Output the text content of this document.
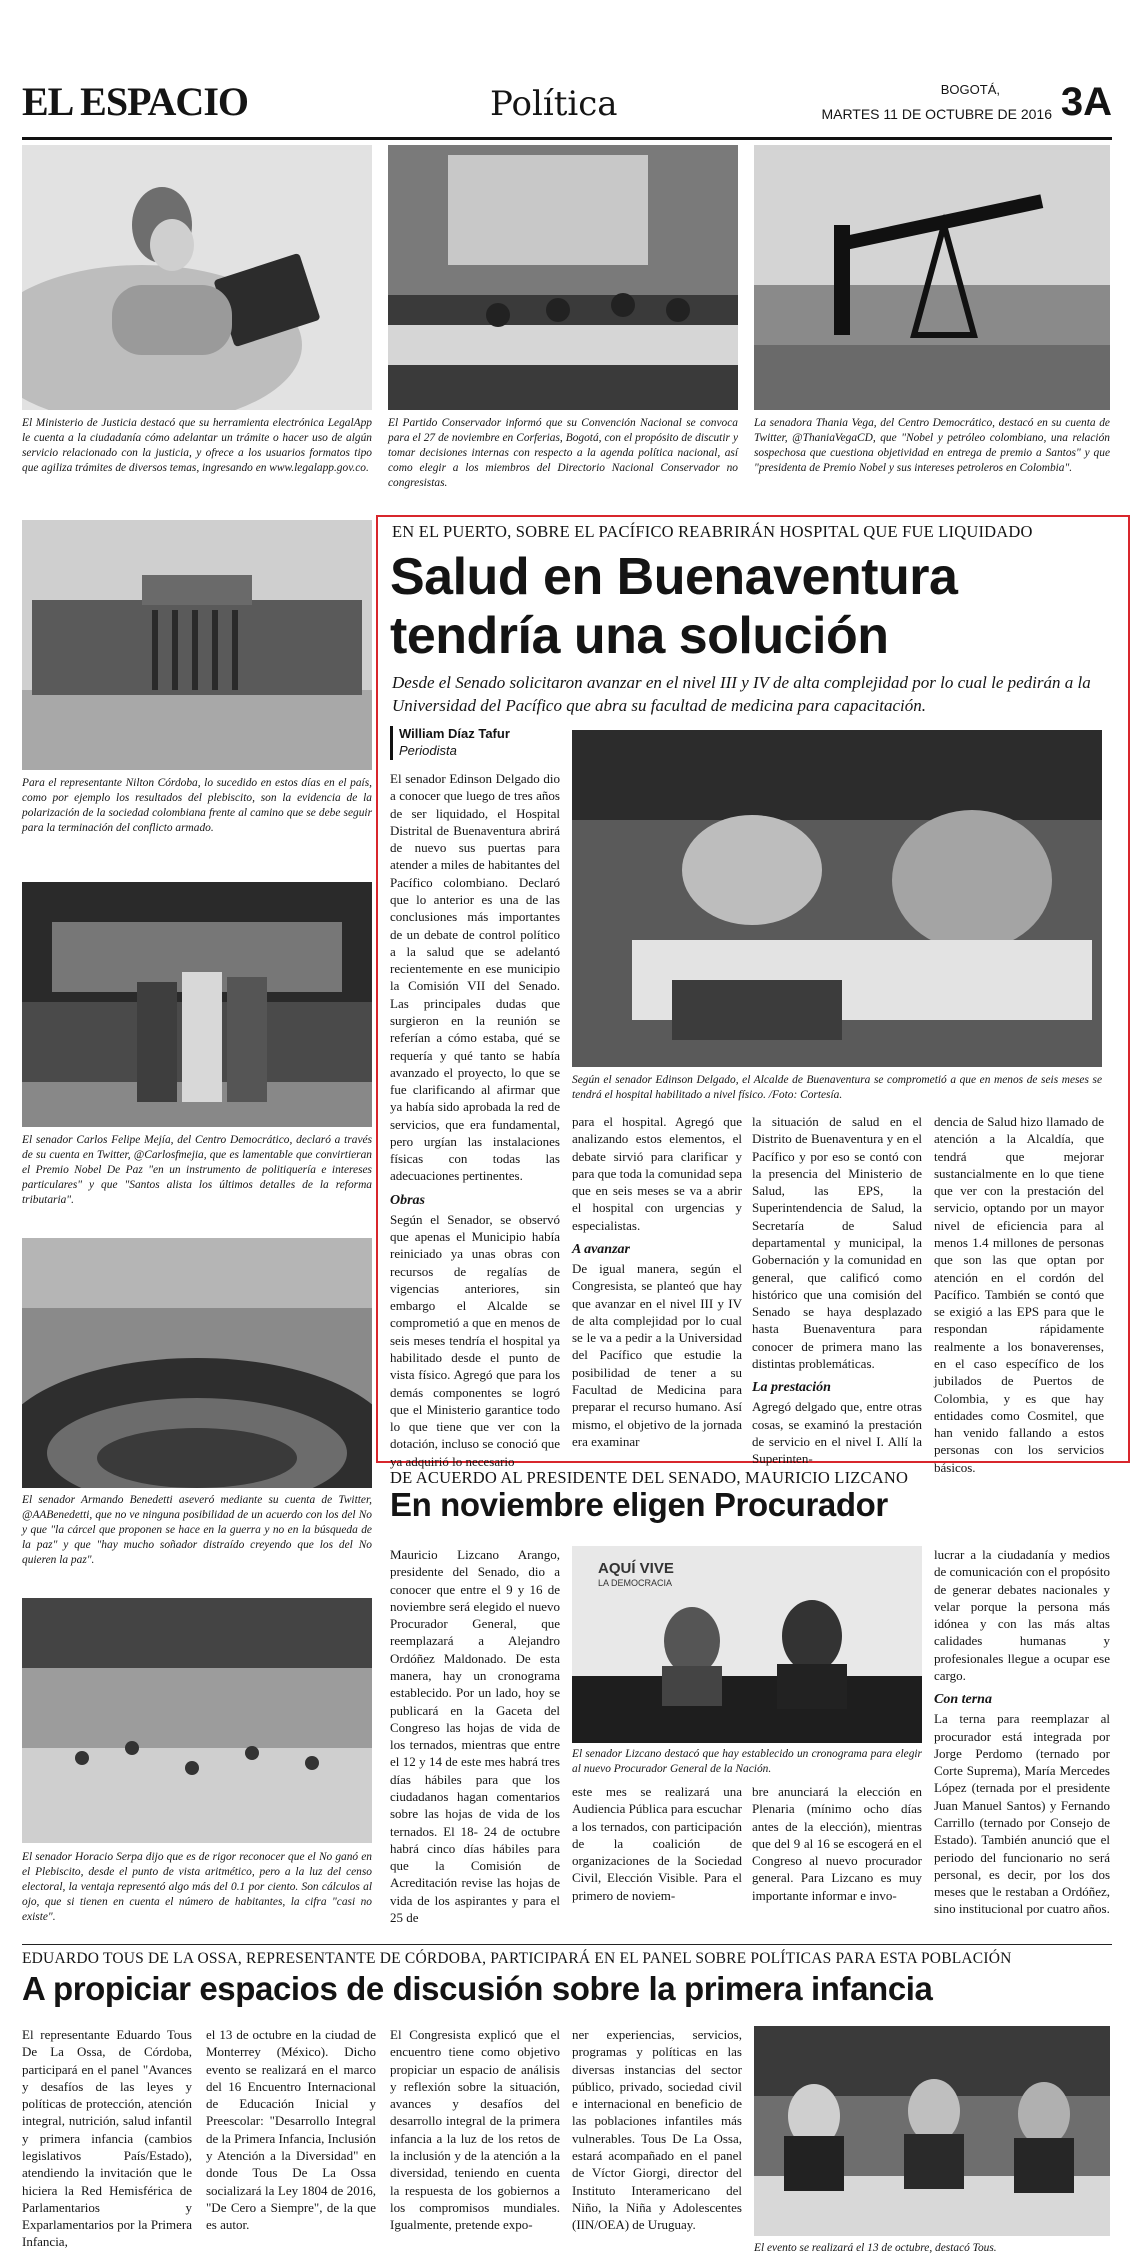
EL ESPACIO	Política	BOGOTÁ,
MARTES 11 DE OCTUBRE DE 2016 3A
El Ministerio de Justicia destacó que su herramienta electrónica LegalApp le cuenta a la ciudadanía cómo adelantar un trámite o hacer uso de algún servicio relacionado con la justicia, y ofrece a los usuarios formatos tipo que agiliza trámites de diversos temas, ingresando en www.legalapp.gov.co.
El Partido Conservador informó que su Convención Nacional se convoca para el 27 de noviembre en Corferias, Bogotá, con el propósito de discutir y tomar decisiones internas con respecto a la agenda política nacional, así como elegir a los miembros del Directorio Nacional Conservador no congresistas.
La senadora Thania Vega, del Centro Democrático, destacó en su cuenta de Twitter, @ThaniaVegaCD, que "Nobel y petróleo colombiano, una relación sospechosa que cuestiona objetividad en entrega de premio a Santos" y que "presidenta de Premio Nobel y sus intereses petroleros en Colombia".
Para el representante Nilton Córdoba, lo sucedido en estos días en el país, como por ejemplo los resultados del plebiscito, son la evidencia de la polarización de la sociedad colombiana frente al camino que se debe seguir para la terminación del conflicto armado.
El senador Carlos Felipe Mejía, del Centro Democrático, declaró a través de su cuenta en Twitter, @Carlosfmejia, que es lamentable que convirtieran el Premio Nobel De Paz "en un instrumento de politiquería e intereses particulares" y que "Santos alista los últimos detalles de la reforma tributaria".
El senador Armando Benedetti aseveró mediante su cuenta de Twitter, @AABenedetti, que no ve ninguna posibilidad de un acuerdo con los del No y que "la cárcel que proponen se hace en la guerra y no en la búsqueda de la paz" y que "hay mucho soñador distraído creyendo que los del No quieren la paz".
El senador Horacio Serpa dijo que es de rigor reconocer que el No ganó en el Plebiscito, desde el punto de vista aritmético, pero a la luz del censo electoral, la ventaja representó algo más del 0.1 por ciento. Son cálculos al ojo, que si tienen en cuenta el número de habitantes, la cifra "casi no existe".
EN EL PUERTO, SOBRE EL PACÍFICO REABRIRÁN HOSPITAL QUE FUE LIQUIDADO
Salud en Buenaventura
tendría una solución
Desde el Senado solicitaron avanzar en el nivel III y IV de alta complejidad por lo cual le pedirán a la Universidad del Pacífico que abra su facultad de medicina para capacitación.
William Díaz Tafur
Periodista
Según el senador Edinson Delgado, el Alcalde de Buenaventura se comprometió a que en menos de seis meses se tendrá el hospital habilitado a nivel físico. /Foto: Cortesía.

El senador Edinson Delgado dio a conocer que luego de tres años de ser liquidado, el Hospital Distrital de Buenaventura abrirá de nuevo sus puertas para atender a miles de habitantes del Pacífico colombiano. Declaró que lo anterior es una de las conclusiones más importantes de un debate de control político a la salud que se adelantó recientemente en ese municipio la Comisión VII del Senado. Las principales dudas que surgieron en la reunión se referían a cómo estaba, qué se requería y qué tanto se había avanzado el proyecto, lo que se fue clarificando al afirmar que ya había sido aprobada la red de servicios, que era fundamental, pero urgían las instalaciones físicas con todas las adecuaciones pertinentes.

Obras

Según el Senador, se observó que apenas el Municipio había reiniciado ya unas obras con recursos de regalías de vigencias anteriores, sin embargo el Alcalde se comprometió a que en menos de seis meses tendría el hospital ya habilitado desde el punto de vista físico. Agregó que para los demás componentes se logró que el Ministerio garantice todo lo que tiene que ver con la dotación, incluso se conoció que ya adquirió lo necesario

para el hospital. Agregó que analizando estos elementos, el debate sirvió para clarificar y para que toda la comunidad sepa que en seis meses se va a abrir el hospital con urgencias y especialistas.

A avanzar

De igual manera, según el Congresista, se planteó que hay que avanzar en el nivel III y IV de alta complejidad por lo cual se le va a pedir a la Universidad del Pacífico que estudie la posibilidad de tener a su Facultad de Medicina para preparar el recurso humano. Así mismo, el objetivo de la jornada era examinar

la situación de salud en el Distrito de Buenaventura y en el Pacífico y por eso se contó con la presencia del Ministerio de Salud, las EPS, la Superintendencia de Salud, la Secretaría de Salud departamental y municipal, la Gobernación y la comunidad en general, que calificó como histórico que una comisión del Senado se haya desplazado hasta Buenaventura para conocer de primera mano las distintas problemáticas.

La prestación

Agregó delgado que, entre otras cosas, se examinó la prestación de servicio en el nivel I. Allí la Superinten-

dencia de Salud hizo llamado de atención a la Alcaldía, que tendrá que mejorar sustancialmente en lo que tiene que ver con la prestación del servicio, optando por un mayor nivel de eficiencia para al menos 1.4 millones de personas que son las que optan por atención en el cordón del Pacífico. También se contó que se exigió a las EPS para que le respondan rápidamente realmente a los bonaverenses, en el caso específico de los jubilados de Puertos de Colombia, y es que hay entidades como Cosmitel, que han venido fallando a estos personas con los servicios básicos.

DE ACUERDO AL PRESIDENTE DEL SENADO, MAURICIO LIZCANO
En noviembre eligen Procurador

Mauricio Lizcano Arango, presidente del Senado, dio a conocer que entre el 9 y 16 de noviembre será elegido el nuevo Procurador General, que reemplazará a Alejandro Ordóñez Maldonado. De esta manera, hay un cronograma establecido. Por un lado, hoy se publicará en la Gaceta del Congreso las hojas de vida de los ternados, mientras que entre el 12 y 14 de este mes habrá tres días hábiles para que los ciudadanos hagan comentarios sobre las hojas de vida de los ternados. El 18- 24 de octubre habrá cinco días hábiles para que la Comisión de Acreditación revise las hojas de vida de los aspirantes y para el 25 de

AQUÍ VIVE
LA DEMOCRACIA
El senador Lizcano destacó que hay establecido un cronograma para elegir al nuevo Procurador General de la Nación.

este mes se realizará una Audiencia Pública para escuchar a los ternados, con participación de la coalición de organizaciones de la Sociedad Civil, Elección Visible. Para el primero de noviem-

bre anunciará la elección en Plenaria (mínimo ocho días antes de la elección), mientras que del 9 al 16 se escogerá en el Congreso al nuevo procurador general. Para Lizcano es muy importante informar e invo-

lucrar a la ciudadanía y medios de comunicación con el propósito de generar debates nacionales y velar porque la persona más idónea y con las más altas calidades humanas y profesionales llegue a ocupar ese cargo.

Con terna

La terna para reemplazar al procurador está integrada por Jorge Perdomo (ternado por Corte Suprema), María Mercedes López (ternada por el presidente Juan Manuel Santos) y Fernando Carrillo (ternado por Consejo de Estado). También anunció que el periodo del funcionario no será personal, es decir, por los dos meses que le restaban a Ordóñez, sino institucional por cuatro años.

EDUARDO TOUS DE LA OSSA, REPRESENTANTE DE CÓRDOBA, PARTICIPARÁ EN EL PANEL SOBRE POLÍTICAS PARA ESTA POBLACIÓN
A propiciar espacios de discusión sobre la primera infancia

El representante Eduardo Tous De La Ossa, de Córdoba, participará en el panel "Avances y desafíos de las leyes y políticas de protección, atención integral, nutrición, salud infantil y primera infancia (cambios legislativos País/Estado), atendiendo la invitación que le hiciera la Red Hemisférica de Parlamentarios y Exparlamentarios por la Primera Infancia,

el 13 de octubre en la ciudad de Monterrey (México). Dicho evento se realizará en el marco del 16 Encuentro Internacional de Educación Inicial y Preescolar: "Desarrollo Integral de la Primera Infancia, Inclusión y Atención a la Diversidad" en donde Tous De La Ossa socializará la Ley 1804 de 2016, "De Cero a Siempre", de la que es autor.

El Congresista explicó que el encuentro tiene como objetivo propiciar un espacio de análisis y reflexión sobre la situación, avances y desafíos del desarrollo integral de la primera infancia a la luz de los retos de la inclusión y de la atención a la diversidad, teniendo en cuenta la respuesta de los gobiernos a los compromisos mundiales. Igualmente, pretende expo-

ner experiencias, servicios, programas y políticas en las diversas instancias del sector público, privado, sociedad civil e internacional en beneficio de las poblaciones infantiles más vulnerables. Tous De La Ossa, estará acompañado en el panel de Víctor Giorgi, director del Instituto Interamericano del Niño, la Niña y Adolescentes (IIN/OEA) de Uruguay.

El evento se realizará el 13 de octubre, destacó Tous.
